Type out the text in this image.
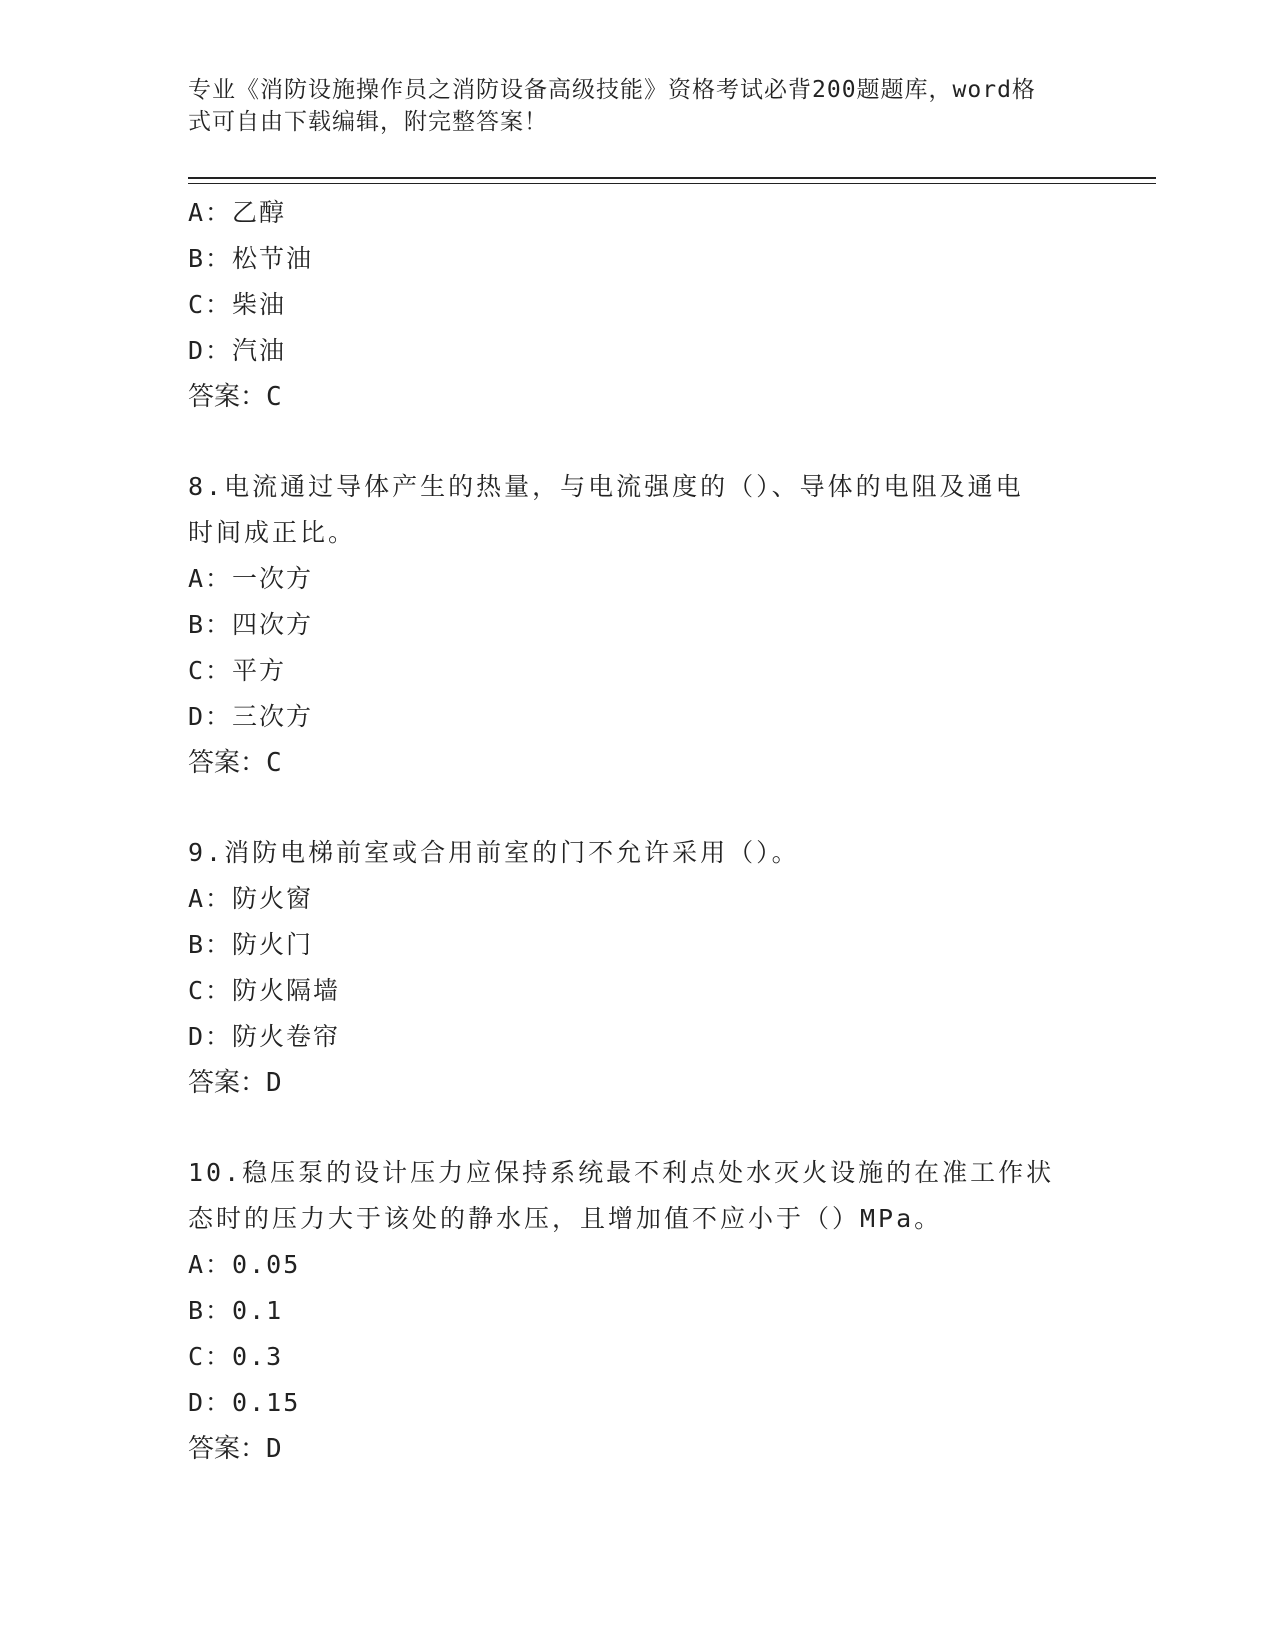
专业《消防设施操作员之消防设备高级技能》资格考试必背200题题库，word格
式可自由下载编辑，附完整答案！
A：乙醇
B：松节油
C：柴油
D：汽油
答案：C
8.电流通过导体产生的热量，与电流强度的（）、导体的电阻及通电
时间成正比。
A：一次方
B：四次方
C：平方
D：三次方
答案：C
9.消防电梯前室或合用前室的门不允许采用（）。
A：防火窗
B：防火门
C：防火隔墙
D：防火卷帘
答案：D
10.稳压泵的设计压力应保持系统最不利点处水灭火设施的在准工作状
态时的压力大于该处的静水压，且增加值不应小于（）MPa。
A：0.05
B：0.1
C：0.3
D：0.15
答案：D
